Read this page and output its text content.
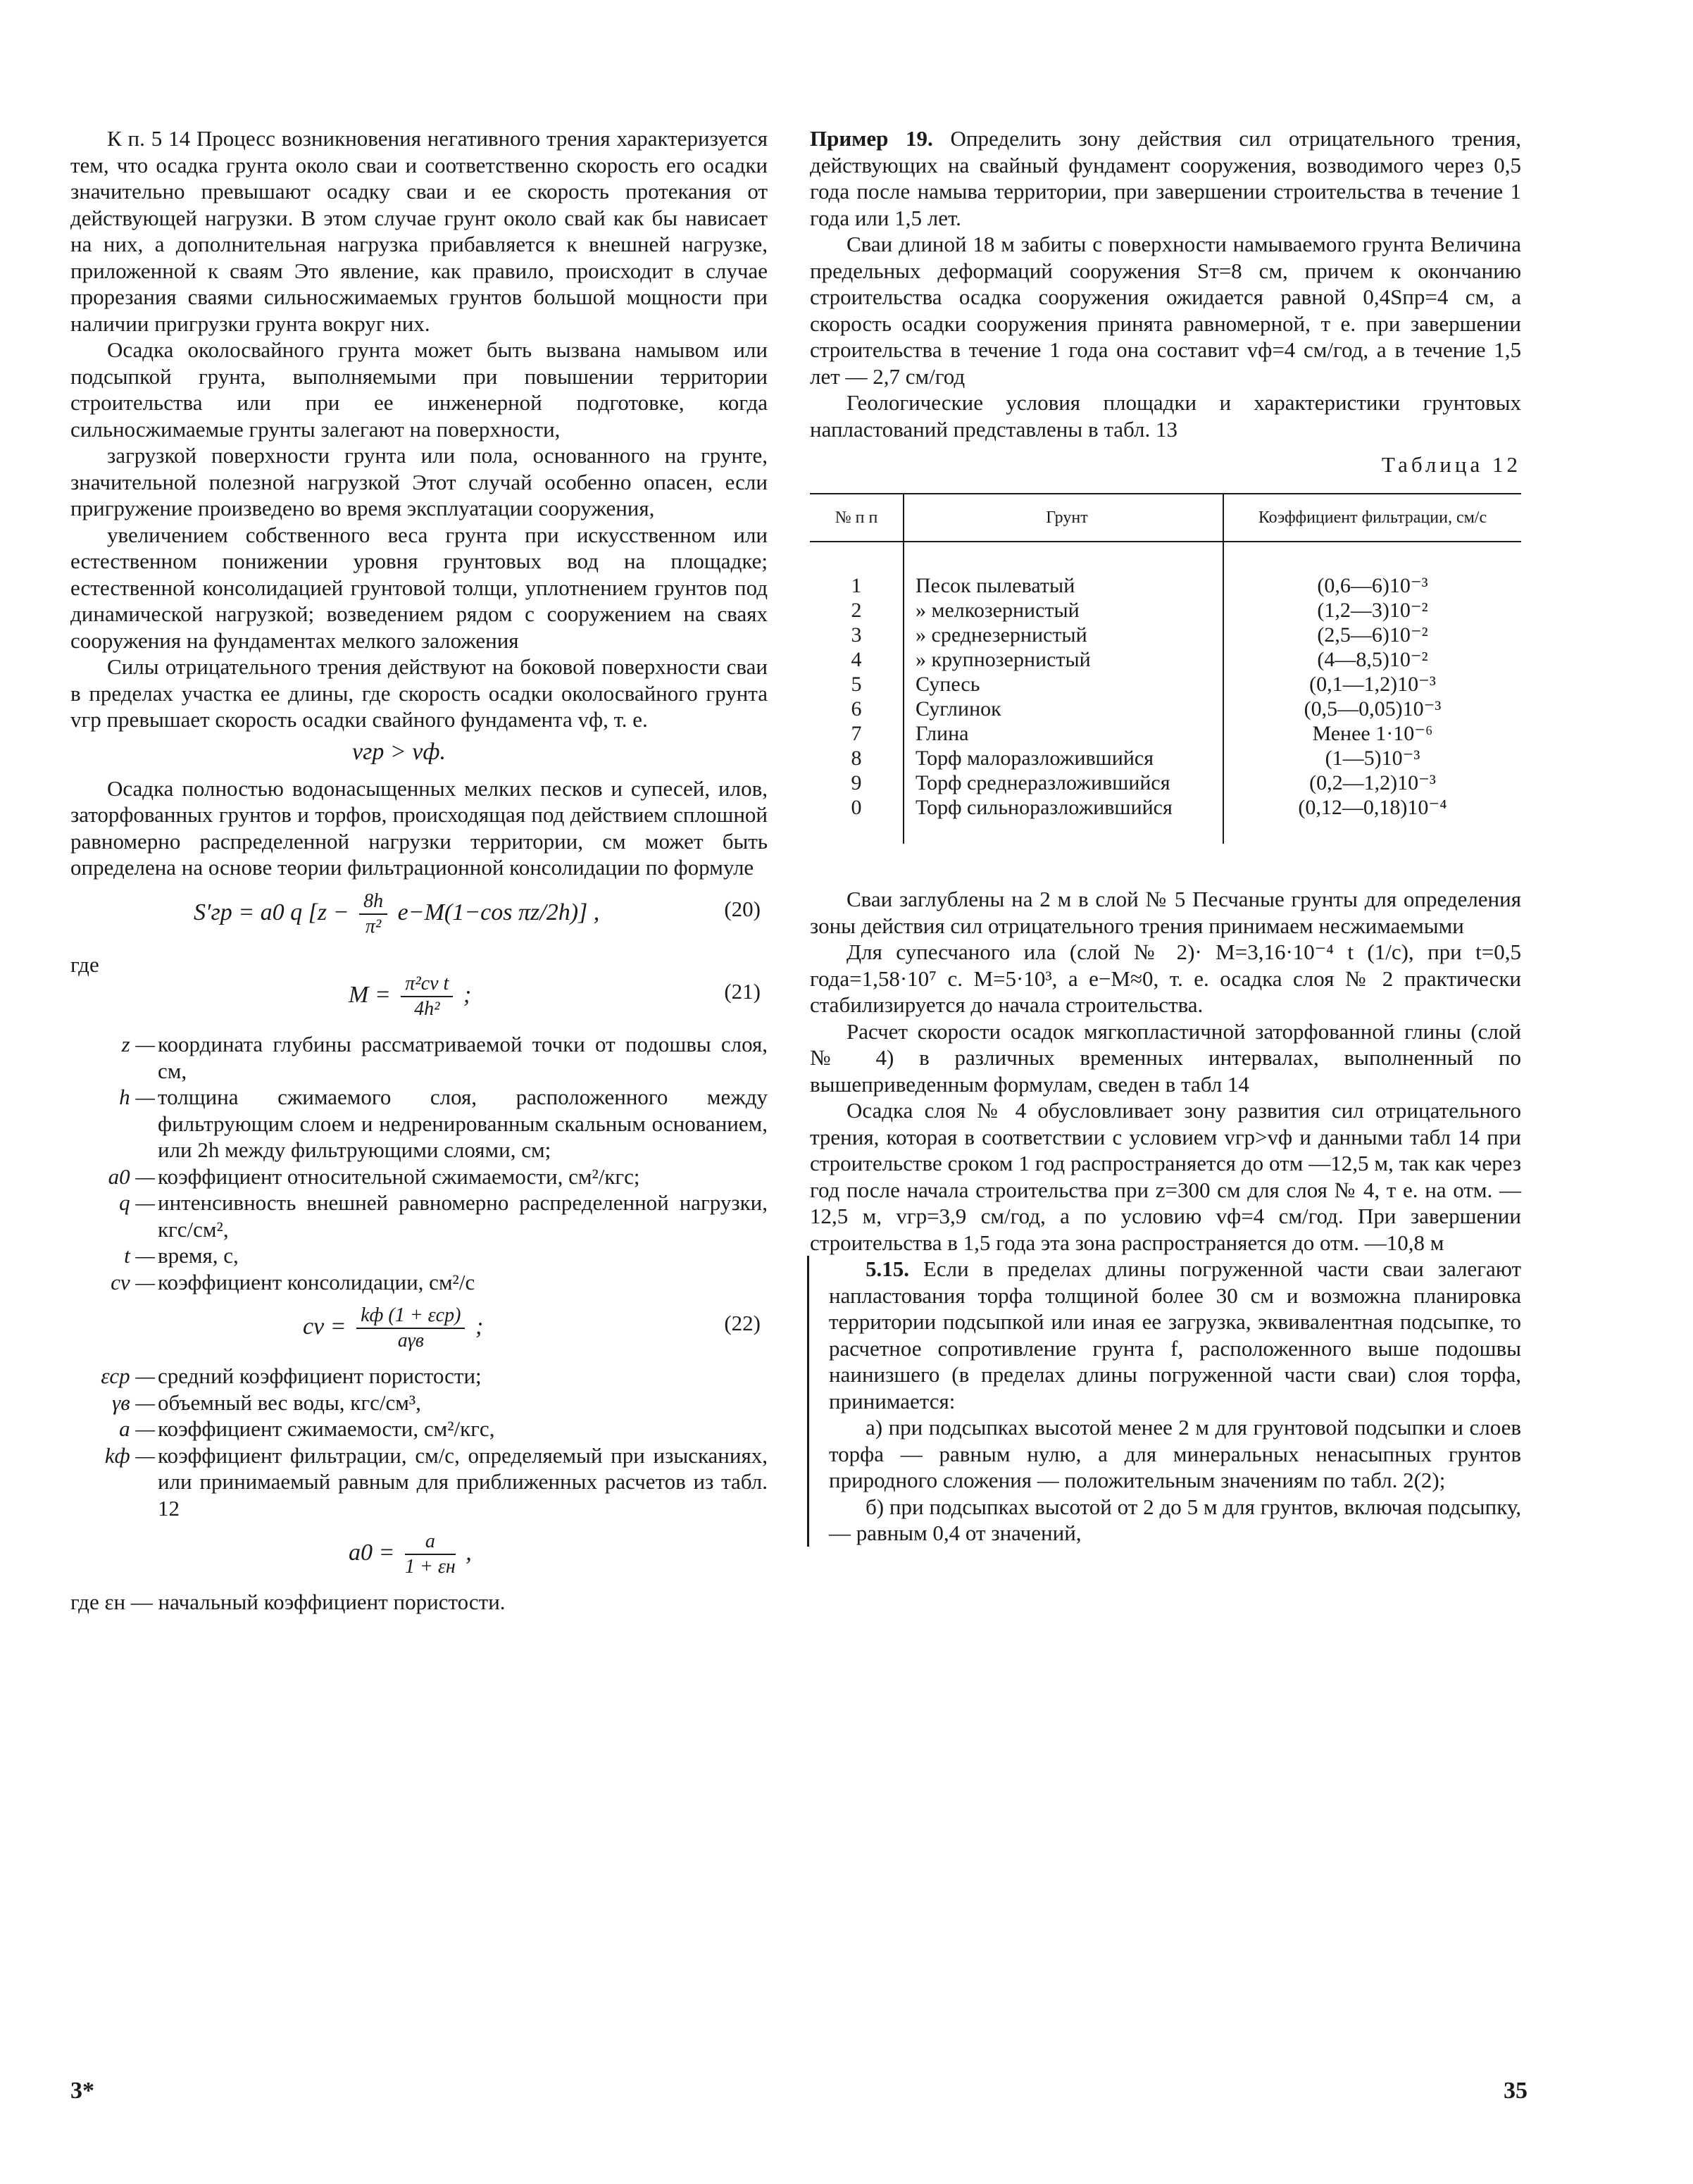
К п. 5 14 Процесс возникновения негативного трения характеризуется тем, что осадка грунта около сваи и соответственно скорость его осадки значительно превышают осадку сваи и ее скорость протекания от действующей нагрузки. В этом случае грунт около свай как бы нависает на них, а дополнительная нагрузка прибавляется к внешней нагрузке, приложенной к сваям Это явление, как правило, происходит в случае прорезания сваями сильносжимаемых грунтов большой мощности при наличии пригрузки грунта вокруг них.

Осадка околосвайного грунта может быть вызвана намывом или подсыпкой грунта, выполняемыми при повышении территории строительства или при ее инженерной подготовке, когда сильносжимаемые грунты залегают на поверхности,

загрузкой поверхности грунта или пола, основанного на грунте, значительной полезной нагрузкой Этот случай особенно опасен, если пригружение произведено во время эксплуатации сооружения,

увеличением собственного веса грунта при искусственном или естественном понижении уровня грунтовых вод на площадке; естественной консолидацией грунтовой толщи, уплотнением грунтов под динамической нагрузкой; возведением рядом с сооружением на сваях сооружения на фундаментах мелкого заложения

Силы отрицательного трения действуют на боковой поверхности сваи в пределах участка ее длины, где скорость осадки околосвайного грунта vгр превышает скорость осадки свайного фундамента vф, т. е.

vгр > vф.

Осадка полностью водонасыщенных мелких песков и супесей, илов, заторфованных грунтов и торфов, происходящая под действием сплошной равномерно распределенной нагрузки территории, см может быть определена на основе теории фильтрационной консолидации по формуле

S′гр = a0 q [$z - \frac{8h}{\text{π²}} e-M(1-\cos$ πz/2h)] ,	(20)
где
$M = \frac{\text{π²cv t}}{\text{4h²}}$ ;	(21)
z — координата глубины рассматриваемой точки от подошвы слоя, см,
h — толщина сжимаемого слоя, расположенного между фильтрующим слоем и недренированным скальным основанием, или 2h между фильтрующими слоями, см;
a0 — коэффициент относительной сжимаемости, см²/кгс;
q — интенсивность внешней равномерно распределенной нагрузки, кгс/см²,
t — время, с,
cv — коэффициент консолидации, см²/с
cv = $\frac{\text{kф (1 + εср)}}{\text{aγв}}$ ;	(22)
εср — средний коэффициент пористости;
γв — объемный вес воды, кгс/см³,
a — коэффициент сжимаемости, см²/кгс,
kф — коэффициент фильтрации, см/с, определяемый при изысканиях, или принимаемый равным для приближенных расчетов из табл. 12
$a0 = \frac{a}{1 + \varepsilon н}$ ,

где εн — начальный коэффициент пористости.

Пример 19. Определить зону действия сил отрицательного трения, действующих на свайный фундамент сооружения, возводимого через 0,5 года после намыва территории, при завершении строительства в течение 1 года или 1,5 лет.

Сваи длиной 18 м забиты с поверхности намываемого грунта Величина предельных деформаций сооружения Sт=8 см, причем к окончанию строительства осадка сооружения ожидается равной 0,4Sпр=4 см, а скорость осадки сооружения принята равномерной, т е. при завершении строительства в течение 1 года она составит vф=4 см/год, а в течение 1,5 лет — 2,7 см/год

Геологические условия площадки и характеристики грунтовых напластований представлены в табл. 13

Таблица 12
№ п п	Грунт	Коэффициент фильтрации, см/с
1	Песок пылеватый	(0,6—6)10⁻³
2	» мелкозернистый	(1,2—3)10⁻²
3	» среднезернистый	(2,5—6)10⁻²
4	» крупнозернистый	(4—8,5)10⁻²
5	Супесь	(0,1—1,2)10⁻³
6	Суглинок	(0,5—0,05)10⁻³
7	Глина	Менее 1·10⁻⁶
8	Торф малоразложившийся	(1—5)10⁻³
9	Торф среднеразложившийся	(0,2—1,2)10⁻³
0	Торф сильноразложившийся	(0,12—0,18)10⁻⁴

Сваи заглублены на 2 м в слой № 5 Песчаные грунты для определения зоны действия сил отрицательного трения принимаем несжимаемыми

Для супесчаного ила (слой № 2)· M=3,16·10⁻⁴ t (1/с), при t=0,5 года=1,58·10⁷ с. M=5·10³, а e−M≈0, т. е. осадка слоя № 2 практически стабилизируется до начала строительства.

Расчет скорости осадок мягкопластичной заторфованной глины (слой № 4) в различных временных интервалах, выполненный по вышеприведенным формулам, сведен в табл 14

Осадка слоя № 4 обусловливает зону развития сил отрицательного трения, которая в соответствии с условием vгр>vф и данными табл 14 при строительстве сроком 1 год распространяется до отм —12,5 м, так как через год после начала строительства при z=300 см для слоя № 4, т е. на отм. —12,5 м, vгр=3,9 см/год, а по условию vф=4 см/год. При завершении строительства в 1,5 года эта зона распространяется до отм. —10,8 м

5.15. Если в пределах длины погруженной части сваи залегают напластования торфа толщиной более 30 см и возможна планировка территории подсыпкой или иная ее загрузка, эквивалентная подсыпке, то расчетное сопротивление грунта f, расположенного выше подошвы наинизшего (в пределах длины погруженной части сваи) слоя торфа, принимается:

а) при подсыпках высотой менее 2 м для грунтовой подсыпки и слоев торфа — равным нулю, а для минеральных ненасыпных грунтов природного сложения — положительным значениям по табл. 2(2);

б) при подсыпках высотой от 2 до 5 м для грунтов, включая подсыпку, — равным 0,4 от значений,

3*	35
